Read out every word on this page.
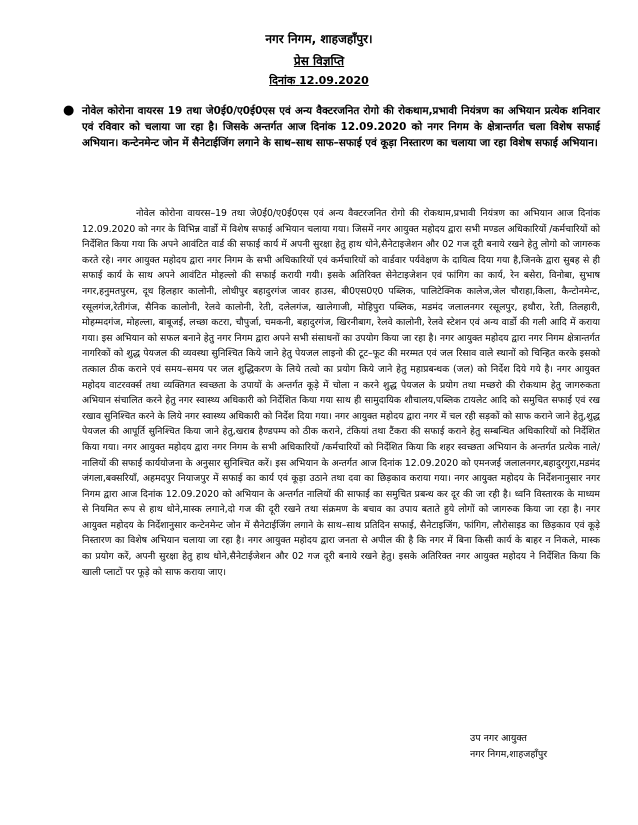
नगर निगम, शाहजहाँपुर।
प्रेस विज्ञप्ति
दिनांक 12.09.2020
● नोवेल कोरोना वायरस 19 तथा जे0ई0/ए0ई0एस एवं अन्य वैक्टरजनित रोगो की रोकथाम,प्रभावी नियंत्रण का अभियान प्रत्येक शनिवार एवं रविवार को चलाया जा रहा है। जिसके अन्तर्गत आज दिनांक 12.09.2020 को नगर निगम के क्षेत्रान्तर्गत चला विशेष सफाई अभियान। कन्टेनमेन्ट जोन में सैनेटाईजिंग लगाने के साथ–साथ साफ–सफाई एवं कूड़ा निस्तारण का चलाया जा रहा विशेष सफाई अभियान।
नोवेल कोरोना वायरस–19 तथा जे0ई0/ए0ई0एस एवं अन्य वैक्टरजनित रोगो की रोकथाम,प्रभावी नियंत्रण का अभियान आज दिनांक 12.09.2020 को नगर के विभिन्न वार्डो में विशेष सफाई अभियान चलाया गया। जिसमें नगर आयुक्त महोदय द्वारा सभी मण्डल अधिकारियों /कर्मचारियों को निर्देशित किया गया कि अपने आवंटित वार्ड की सफाई कार्य में अपनी सुरक्षा हेतु हाथ धोने,सैनेटाइजेशन और 02 गज दूरी बनाये रखने हेतु लोगो को जागरुक करते रहे। नगर आयुक्त महोदय द्वारा नगर निगम के सभी अधिकारियों एवं कर्मचारियों को वार्डवार पर्यवेक्षण के दायित्व दिया गया है,जिनके द्वारा सुबह से ही सफाई कार्य के साथ अपने आवंटित मोहल्लो की सफाई करायी गयी। इसके अतिरिक्त सेनेटाइजेशन एवं फांगिग का कार्य, रेन बसेरा, विनोबा, सुभाष नगर,हनुमतपुरम, दूध हिलहार कालोनी, लोधीपुर बहादुरगंज जावर हाउस, बी0एस0ए0 पब्लिक, पालिटेक्निक कालेज,जेल चौराहा,किला, कैन्टोनमेन्ट, रसूलगंज,रेतीगंज, सैनिक कालोनी, रेलवे कालोनी, रेती, दलेलगंज, खालेगाजी, मोहिपुरा पब्लिक, मडमंद जलालनगर रसूलपुर, हथौरा, रेती, तिलहारी, मोहम्मदगंज, मोहल्ला, बाबूजई, लच्छा कटरा, चौपुर्जा, चमकनी, बहादुरगंज, खिरनीबाग, रेलवे कालोनी, रेलवे स्टेशन एवं अन्य वार्डो की गली आदि में कराया गया। इस अभियान को सफल बनाने हेतु नगर निगम द्वारा अपने सभी संसाधनों का उपयोग किया जा रहा है। नगर आयुक्त महोदय द्वारा नगर निगम क्षेत्रान्तर्गत नागरिकों को शुद्ध पेयजल की व्यवस्था सुनिश्चित किये जाने हेतु पेयजल लाइनो की टूट–फूट की मरम्मत एवं जल रिसाव वाले स्थानों को चिन्हित करके इसको तत्काल ठीक कराने एवं समय–समय पर जल शुद्धिकरण के लिये तत्वो का प्रयोग किये जाने हेतु महाप्रबन्धक (जल) को निर्देश दिये गये है। नगर आयुक्त महोदय वाटरवर्क्स तथा व्यक्तिगत स्वच्छता के उपायों के अन्तर्गत कूड़े में चोला न करने शुद्ध पेयजल के प्रयोग तथा मच्छरो की रोकथाम हेतु जागरुकता अभियान संचालित करने हेतु नगर स्वास्थ्य अधिकारी को निर्देशित किया गया साथ ही सामुदायिक शौचालय,पब्लिक टायलेट आदि को समुचित सफाई एवं रख रखाव सुनिश्चित करने के लिये नगर स्वास्थ्य अधिकारी को निर्देश दिया गया। नगर आयुक्त महोदय द्वारा नगर में चल रही सड़कों को साफ कराने जाने हेतु,शुद्ध पेयजल की आपूर्ति सुनिश्चित किया जाने हेतु,खराब हैण्डपम्प को ठीक कराने, टंकियां तथा टैंकरा की सफाई कराने हेतु सम्बन्धित अधिकारियों को निर्देशित किया गया। नगर आयुक्त महोदय द्वारा नगर निगम के सभी अधिकारियों /कर्मचारियों को निर्देशित किया कि शहर स्वच्छता अभियान के अन्तर्गत प्रत्येक नाले/नालियों की सफाई कार्ययोजना के अनुसार सुनिश्चित करें। इस अभियान के अन्तर्गत आज दिनांक 12.09.2020 को एमनजई जलालनगर,बहादुरगुरा,मडमंद जंगला,बक्सरियाँ, अहमदपुर नियाजपुर में सफाई का कार्य एवं कूड़ा उठाने तथा दवा का छिड़काव कराया गया। नगर आयुक्त महोदय के निर्देशनानुसार नगर निगम द्वारा आज दिनांक 12.09.2020 को अभियान के अन्तर्गत नालियों की साफाई का समुचित प्रबन्ध कर दूर की जा रही है। ध्वनि विस्तारक के माध्यम से नियमित रूप से हाथ धोने,मास्क लगाने,दो गज की दूरी रखने तथा संक्रमण के बचाव का उपाय बताते हुये लोगों को जागरुक किया जा रहा है। नगर आयुक्त महोदय के निर्देशानुसार कन्टेनमेन्ट जोन में सैनेटाईजिंग लगाने के साथ–साथ प्रतिदिन सफाई, सैनेटाइजिंग, फांगिग, लौरोसाइड का छिड़काव एवं कूड़े निस्तारण का विशेष अभियान चलाया जा रहा है। नगर आयुक्त महोदय द्वारा जनता से अपील की है कि नगर में बिना किसी कार्य के बाहर न निकले, मास्क का प्रयोग करें, अपनी सुरक्षा हेतु हाथ धोने,सैनेटाईजेशन और 02 गज दूरी बनाये रखने हेतु। इसके अतिरिक्त नगर आयुक्त महोदय ने निर्देशित किया कि खाली प्लाटों पर फूड़े को साफ कराया जाए।
उप नगर आयुक्त
नगर निगम,शाहजहाँपुर
